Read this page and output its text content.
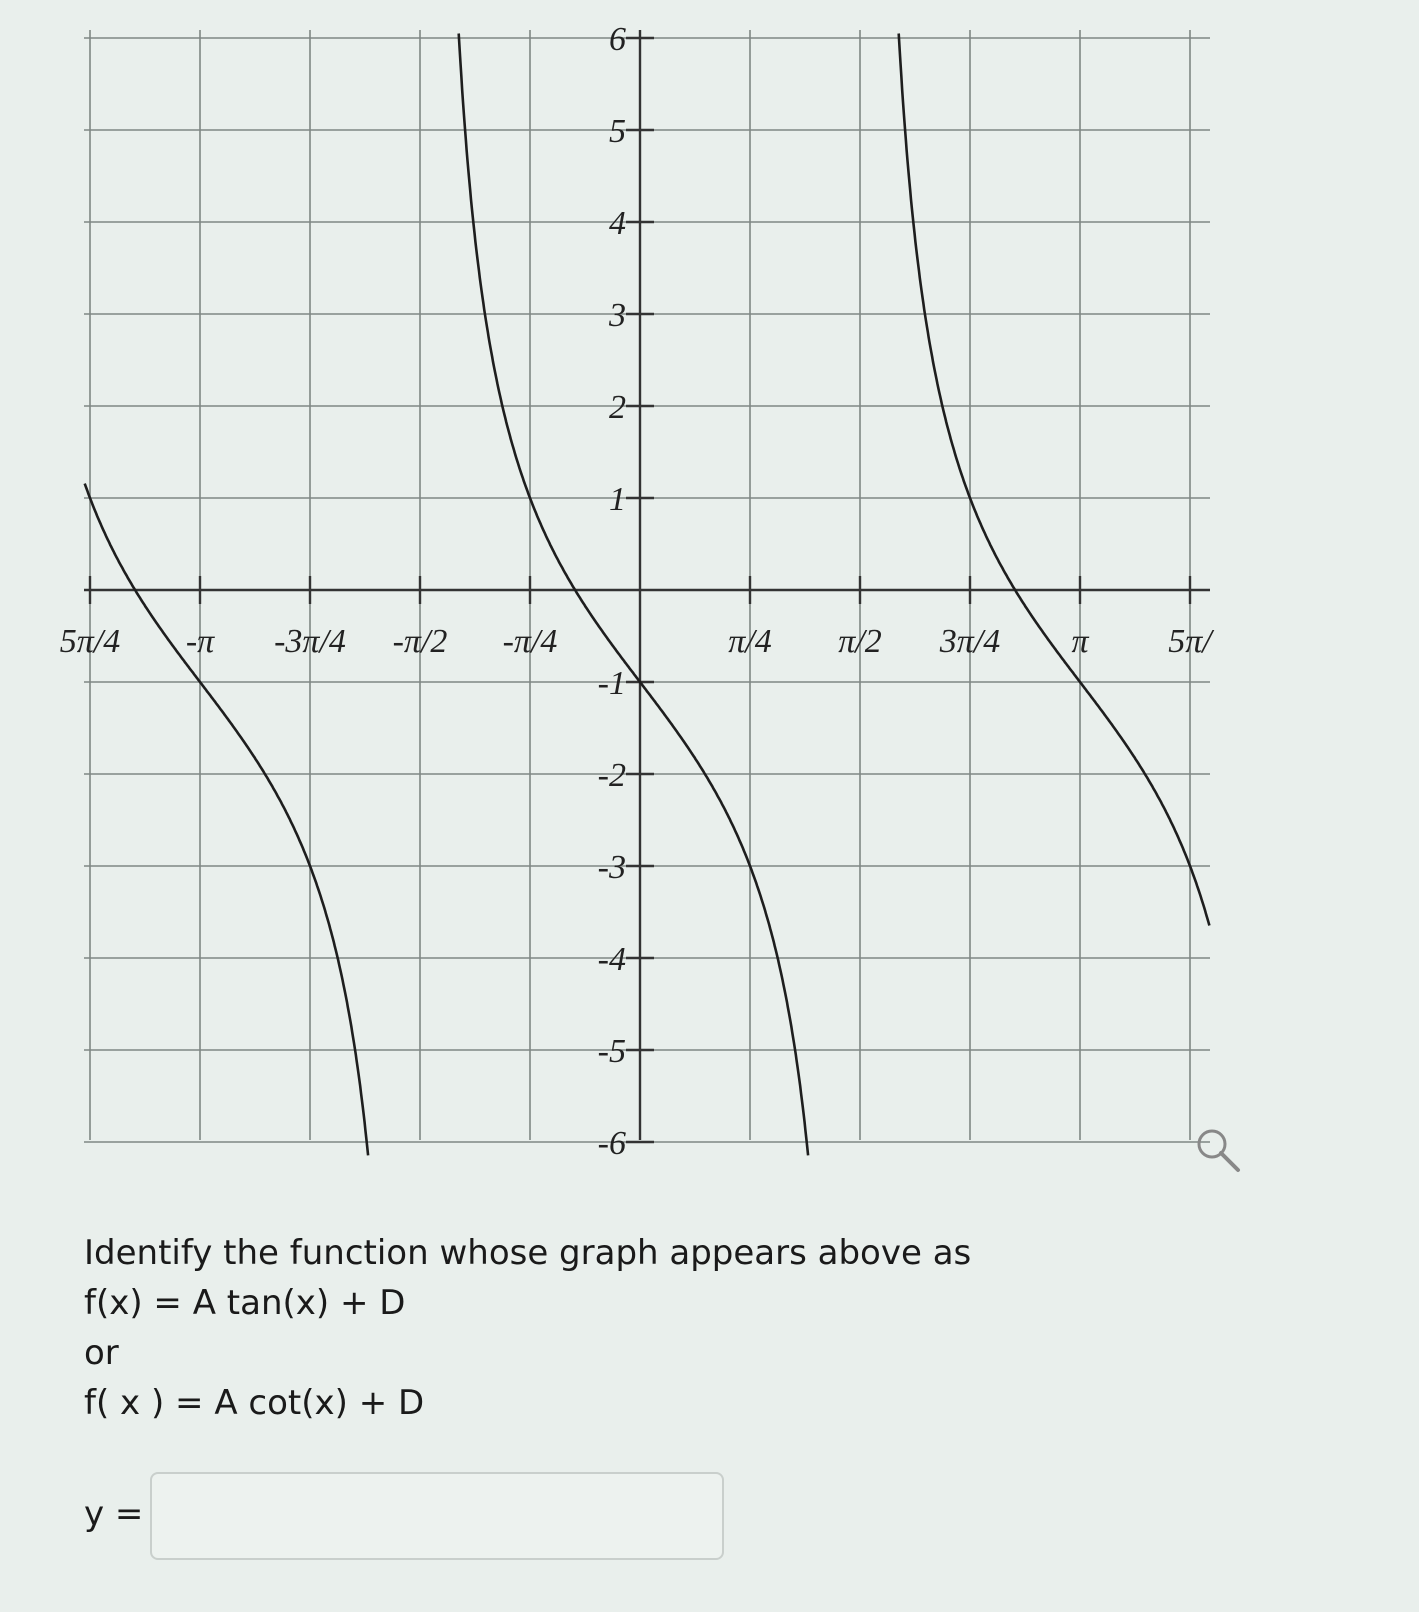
5π/4 -π -3π/4 -π/2 -π/4	π/4 π/2 3π/4 π 5π/
6
5
4
3
2
1
-1
-2
-3
-4
-5
-6
Identify the function whose graph appears above as
f(x) = A tan(x) + D
or
f( x ) = A cot(x) + D
y =
